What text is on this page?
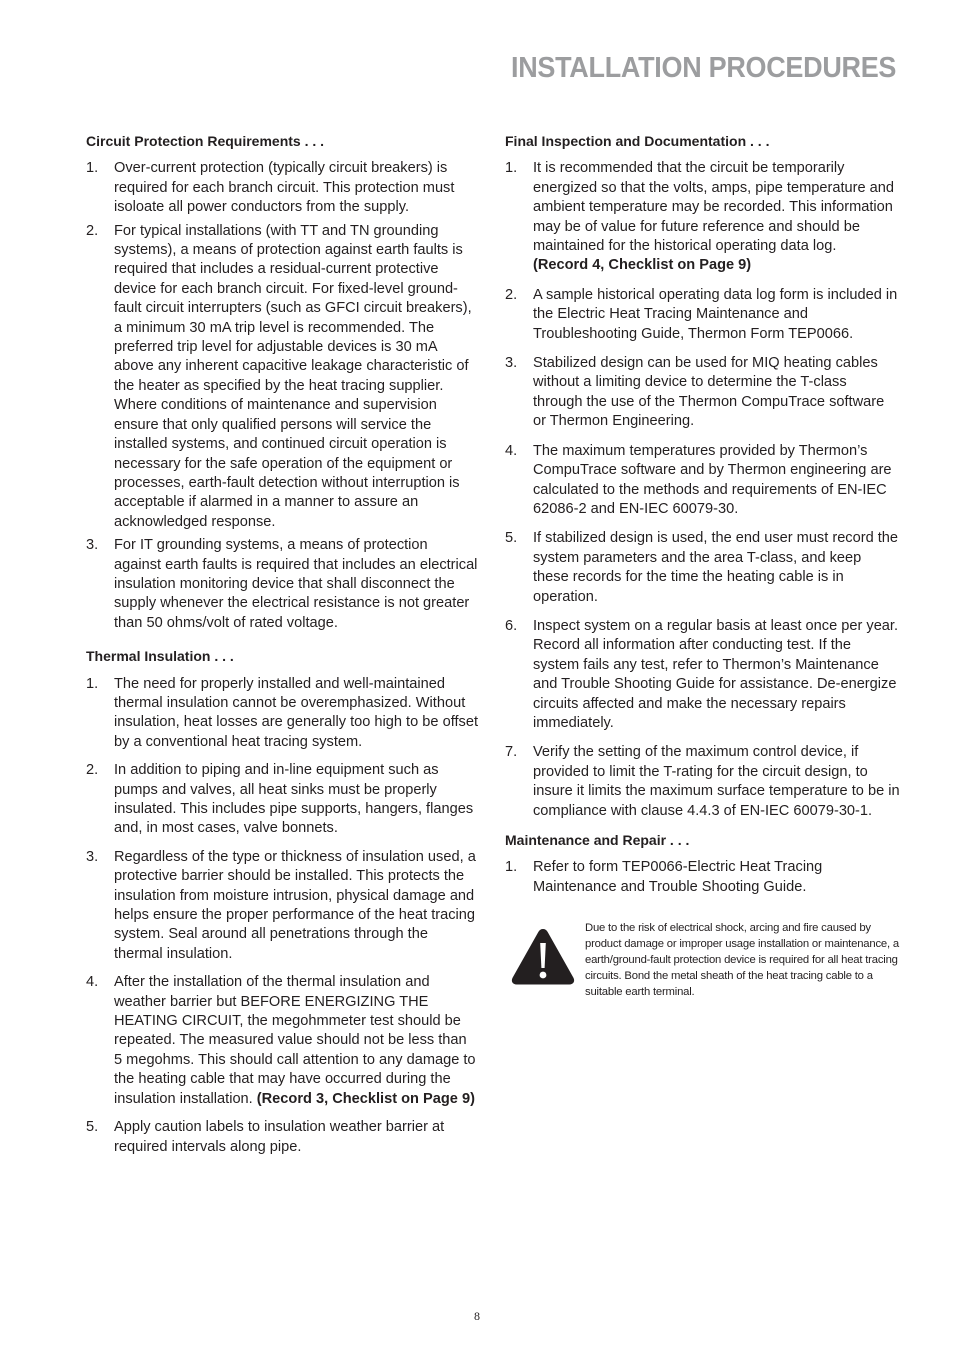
INSTALLATION PROCEDURES
Circuit Protection Requirements . . .
1. Over-current protection (typically circuit breakers) is required for each branch circuit. This protection must isoloate all power conductors from the supply.
2. For typical installations (with TT and TN grounding systems), a means of protection against earth faults is required that includes a residual-current protective device for each branch circuit. For fixed-level ground-fault circuit interrupters (such as GFCI circuit breakers), a minimum 30 mA trip level is recommended. The preferred trip level for adjustable devices is 30 mA above any inherent capacitive leakage characteristic of the heater as specified by the heat tracing supplier. Where conditions of maintenance and supervision ensure that only qualified persons will service the installed systems, and continued circuit operation is necessary for the safe operation of the equipment or processes, earth-fault detection without interruption is acceptable if alarmed in a manner to assure an acknowledged response.
3. For IT grounding systems, a means of protection against earth faults is required that includes an electrical insulation monitoring device that shall disconnect the supply whenever the electrical resistance is not greater than 50 ohms/volt of rated voltage.
Thermal Insulation . . .
1. The need for properly installed and well-maintained thermal insulation cannot be overemphasized. Without insulation, heat losses are generally too high to be offset by a conventional heat tracing system.
2. In addition to piping and in-line equipment such as pumps and valves, all heat sinks must be properly insulated. This includes pipe supports, hangers, flanges and, in most cases, valve bonnets.
3. Regardless of the type or thickness of insulation used, a protective barrier should be installed. This protects the insulation from moisture intrusion, physical damage and helps ensure the proper performance of the heat tracing system. Seal around all penetrations through the thermal insulation.
4. After the installation of the thermal insulation and weather barrier but BEFORE ENERGIZING THE HEATING CIRCUIT, the megohmmeter test should be repeated. The measured value should not be less than 5 megohms. This should call attention to any damage to the heating cable that may have occurred during the insulation installation. (Record 3, Checklist on Page 9)
5. Apply caution labels to insulation weather barrier at required intervals along pipe.
Final Inspection and Documentation . . .
1. It is recommended that the circuit be temporarily energized so that the volts, amps, pipe temperature and ambient temperature may be recorded. This information may be of value for future reference and should be maintained for the historical operating data log.
(Record 4, Checklist on Page 9)
2. A sample historical operating data log form is included in the Electric Heat Tracing Maintenance and Troubleshooting Guide, Thermon Form TEP0066.
3. Stabilized design can be used for MIQ heating cables without a limiting device to determine the T-class through the use of the Thermon CompuTrace software or Thermon Engineering.
4. The maximum temperatures provided by Thermon’s CompuTrace software and by Thermon engineering are calculated to the methods and requirements of EN-IEC 62086-2 and EN-IEC 60079-30.
5. If stabilized design is used, the end user must record the system parameters and the area T-class, and keep these records for the time the heating cable is in operation.
6. Inspect system on a regular basis at least once per year. Record all information after conducting test. If the system fails any test, refer to Thermon’s Maintenance and Trouble Shooting Guide for assistance. De-energize circuits affected and make the necessary repairs immediately.
7. Verify the setting of the maximum control device, if provided to limit the T-rating for the circuit design, to insure it limits the maximum surface temperature to be in compliance with clause 4.4.3 of EN-IEC 60079-30-1.
Maintenance and Repair . . .
1. Refer to form TEP0066-Electric Heat Tracing Maintenance and Trouble Shooting Guide.
Due to the risk of electrical shock, arcing and fire caused by product damage or improper usage installation or maintenance, a earth/ground-fault protection device is required for all heat tracing circuits. Bond the metal sheath of the heat tracing cable to a suitable earth terminal.
8
